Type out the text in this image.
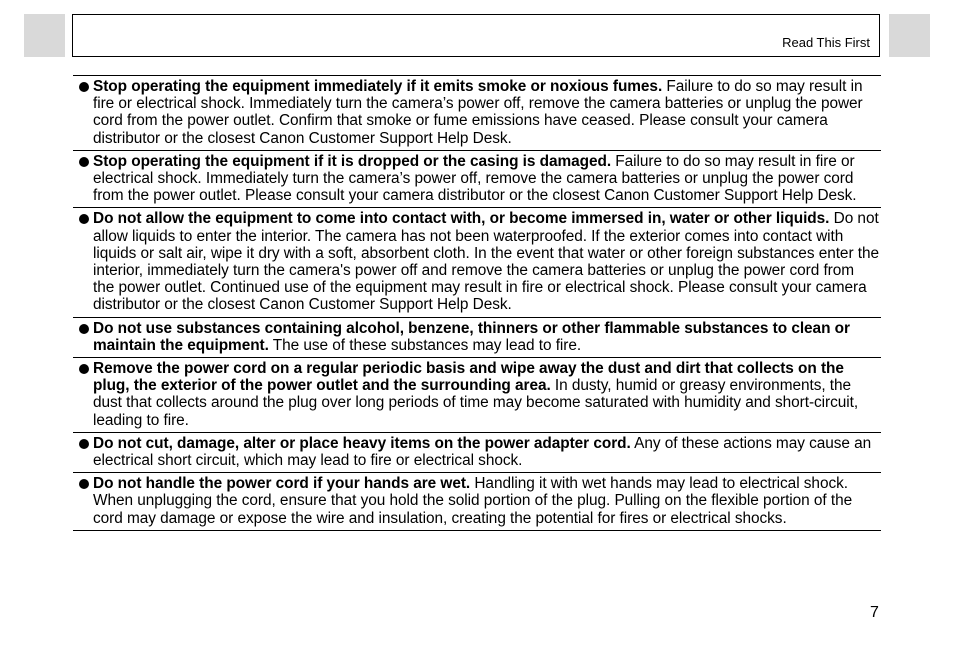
Read This First
Stop operating the equipment immediately if it emits smoke or noxious fumes. Failure to do so may result in fire or electrical shock. Immediately turn the camera’s power off, remove the camera batteries or unplug the power cord from the power outlet. Confirm that smoke or fume emissions have ceased. Please consult your camera distributor or the closest Canon Customer Support Help Desk.
Stop operating the equipment if it is dropped or the casing is damaged. Failure to do so may result in fire or electrical shock. Immediately turn the camera’s power off, remove the camera batteries or unplug the power cord from the power outlet. Please consult your camera distributor or the closest Canon Customer Support Help Desk.
Do not allow the equipment to come into contact with, or become immersed in, water or other liquids. Do not allow liquids to enter the interior. The camera has not been waterproofed. If the exterior comes into contact with liquids or salt air, wipe it dry with a soft, absorbent cloth. In the event that water or other foreign substances enter the interior, immediately turn the camera's power off and remove the camera batteries or unplug the power cord from the power outlet. Continued use of the equipment may result in fire or electrical shock. Please consult your camera distributor or the closest Canon Customer Support Help Desk.
Do not use substances containing alcohol, benzene, thinners or other flammable substances to clean or maintain the equipment. The use of these substances may lead to fire.
Remove the power cord on a regular periodic basis and wipe away the dust and dirt that collects on the plug, the exterior of the power outlet and the surrounding area. In dusty, humid or greasy environments, the dust that collects around the plug over long periods of time may become saturated with humidity and short-circuit, leading to fire.
Do not cut, damage, alter or place heavy items on the power adapter cord. Any of these actions may cause an electrical short circuit, which may lead to fire or electrical shock.
Do not handle the power cord if your hands are wet. Handling it with wet hands may lead to electrical shock. When unplugging the cord, ensure that you hold the solid portion of the plug. Pulling on the flexible portion of the cord may damage or expose the wire and insulation, creating the potential for fires or electrical shocks.
7
